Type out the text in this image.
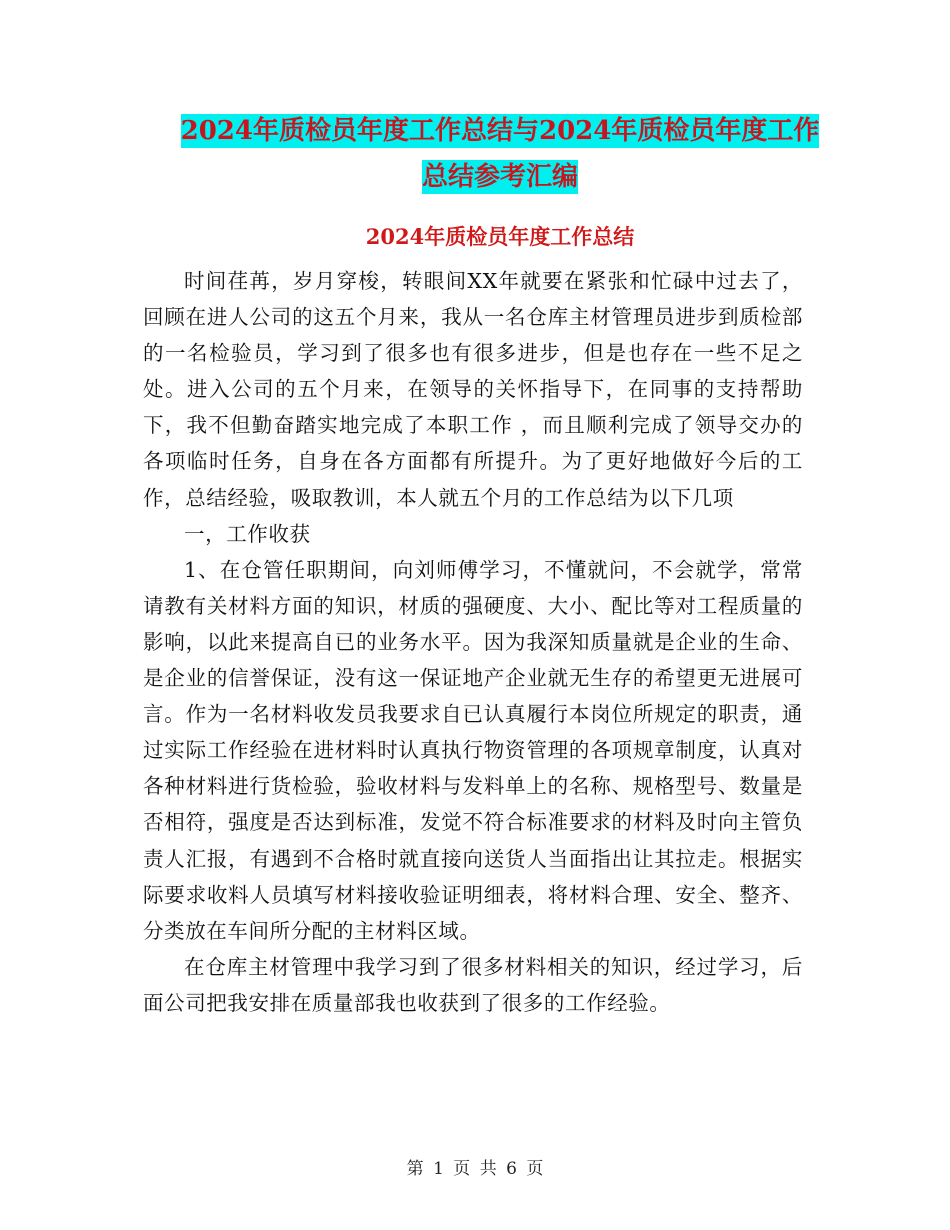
2024年质检员年度工作总结与2024年质检员年度工作
总结参考汇编
2024年质检员年度工作总结

时间荏苒，岁月穿梭，转眼间XX年就要在紧张和忙碌中过去了，回顾在进人公司的这五个月来，我从一名仓库主材管理员进步到质检部的一名检验员，学习到了很多也有很多进步，但是也存在一些不足之处。进入公司的五个月来，在领导的关怀指导下，在同事的支持帮助下，我不但勤奋踏实地完成了本职工作 ，而且顺利完成了领导交办的各项临时任务，自身在各方面都有所提升。为了更好地做好今后的工作，总结经验，吸取教训，本人就五个月的工作总结为以下几项

一，工作收获

1、在仓管任职期间，向刘师傅学习，不懂就问，不会就学，常常请教有关材料方面的知识，材质的强硬度、大小、配比等对工程质量的影响，以此来提高自已的业务水平。因为我深知质量就是企业的生命、是企业的信誉保证，没有这一保证地产企业就无生存的希望更无进展可言。作为一名材料收发员我要求自已认真履行本岗位所规定的职责，通过实际工作经验在进材料时认真执行物资管理的各项规章制度，认真对各种材料进行货检验，验收材料与发料单上的名称、规格型号、数量是否相符，强度是否达到标准，发觉不符合标准要求的材料及时向主管负责人汇报，有遇到不合格时就直接向送货人当面指出让其拉走。根据实际要求收料人员填写材料接收验证明细表，将材料合理、安全、整齐、分类放在车间所分配的主材料区域。

在仓库主材管理中我学习到了很多材料相关的知识，经过学习，后面公司把我安排在质量部我也收获到了很多的工作经验。

第 1 页 共 6 页
